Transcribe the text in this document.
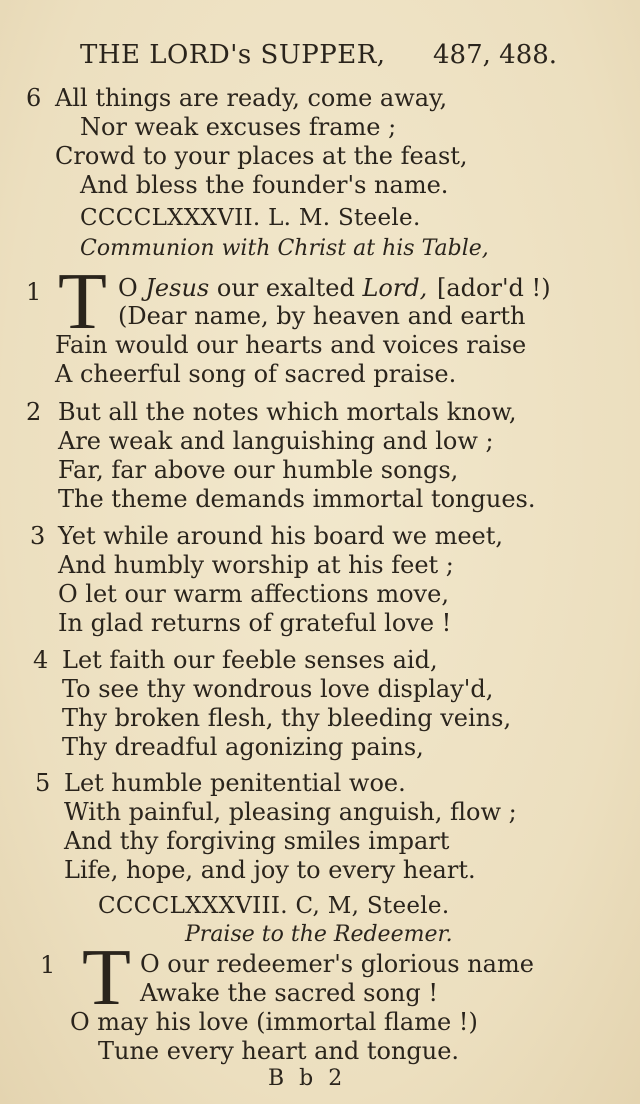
THE LORD's SUPPER, 487, 488.
6 All things are ready, come away,
Nor weak excuses frame ;
Crowd to your places at the feast,
And bless the founder's name.
CCCCLXXXVII. L. M. Steele.
Communion with Christ at his Table,
1 T O Jesus our exalted Lord, [ador'd !)
(Dear name, by heaven and earth
Fain would our hearts and voices raise
A cheerful song of sacred praise.
2 But all the notes which mortals know,
Are weak and languishing and low ;
Far, far above our humble songs,
The theme demands immortal tongues.
3 Yet while around his board we meet,
And humbly worship at his feet ;
O let our warm affections move,
In glad returns of grateful love !
4 Let faith our feeble senses aid,
To see thy wondrous love display'd,
Thy broken flesh, thy bleeding veins,
Thy dreadful agonizing pains,
5 Let humble penitential woe.
With painful, pleasing anguish, flow ;
And thy forgiving smiles impart
Life, hope, and joy to every heart.
CCCCLXXXVIII. C, M, Steele.
Praise to the Redeemer.
1 T O our redeemer's glorious name
Awake the sacred song !
O may his love (immortal flame !)
Tune every heart and tongue.
B b 2
